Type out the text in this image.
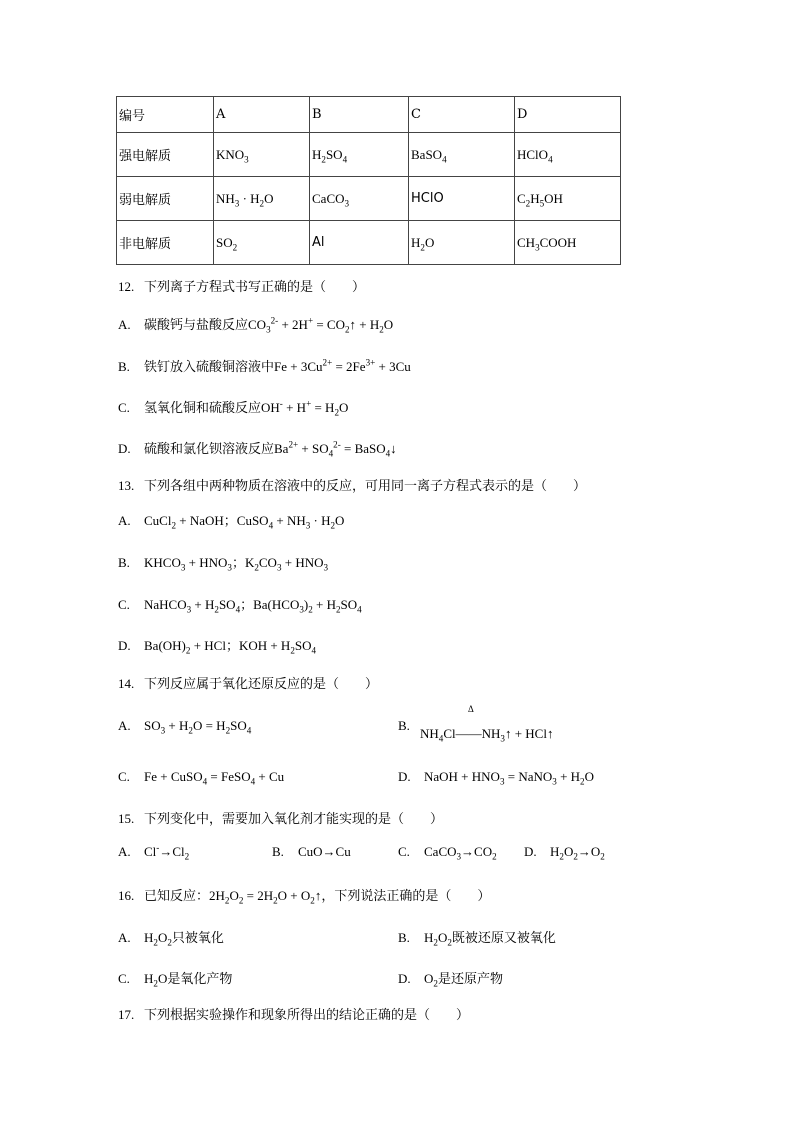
编号	A	B	C	D
强电解质	$KNO_3$	$H_2SO_4$	BaSO$_4$	HClO$_4$
弱电解质	$NH_3 \cdot H_2O$	CaCO$_3$	HClO	$C_2H_5OH$
非电解质	$SO_2$	Al	$H_2O$	$CH_3COOH$
12. 下列离子方程式书写正确的是（　　）
A. 碳酸钙与盐酸反应$CO_3^{2-} + 2H^+$ = $CO_2↑ + H_2O$
B. 铁钉放入硫酸铜溶液中$Fe + 3Cu^{2+} = 2Fe^{3+} + 3Cu$
C. 氢氧化铜和硫酸反应$OH^- + H^+ = H_2O$
D. 硫酸和氯化钡溶液反应$Ba^{2+} + SO_4^{2-}$ = BaSO$_4$↓
13. 下列各组中两种物质在溶液中的反应，可用同一离子方程式表示的是（　　）
A. CuCl$_2$ + NaOH；CuSO$_4$ + $NH_3 \cdot H_2O$
B. $KHCO_3 + HNO_3$；$K_2CO_3 + HNO_3$
C. NaHCO$_3$ + $H_2SO_4$；$Ba(HCO_3)_2 + H_2SO_4$
D. $Ba(OH)_2$ + HCl；KOH + $H_2SO_4$
14. 下列反应属于氧化还原反应的是（　　）
A. $SO_3 + H_2O = H_2SO_4$
Δ
B.
$NH_4Cl——NH_3↑$ + HCl↑
C. Fe + CuSO$_4$ = FeSO$_4$ + Cu	D. NaOH + $HNO_3$ = NaNO$_3$ + $H_2O$
15. 下列变化中，需要加入氧化剂才能实现的是（　　）
A. $Cl^-\to Cl_2$	B. CuO→Cu	C. $CaCO_3\to CO_2$ D. $H_2O_2\to O_2$
16. 已知反应：$2H_2O_2 = 2H_2O$ + $O_2↑$，下列说法正确的是（　　）
A. $H_2O_2$只被氧化	B. $H_2O_2$既被还原又被氧化
C. $H_2O$是氧化产物	D. $O_2$是还原产物
17. 下列根据实验操作和现象所得出的结论正确的是（　　）
